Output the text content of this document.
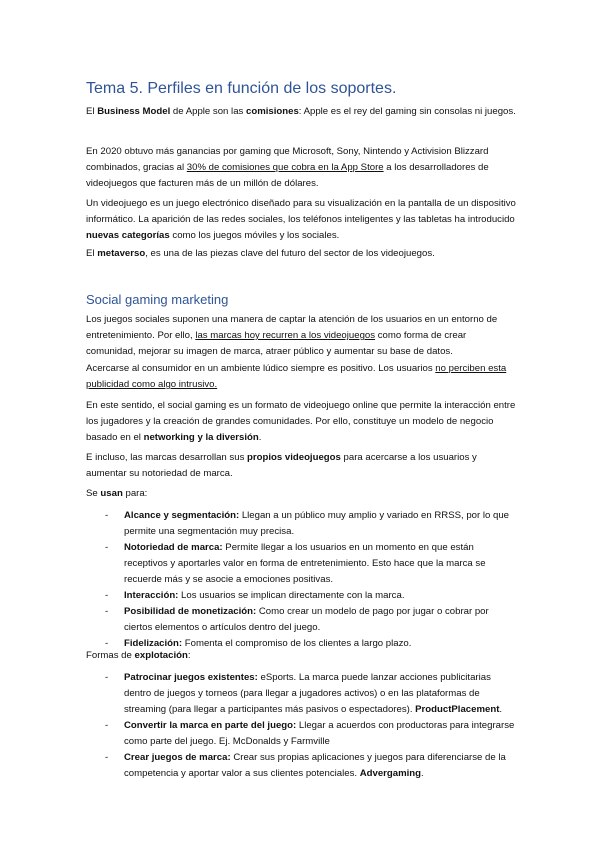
Tema 5. Perfiles en función de los soportes.

El Business Model de Apple son las comisiones: Apple es el rey del gaming sin consolas ni juegos.

En 2020 obtuvo más ganancias por gaming que Microsoft, Sony, Nintendo y Activision Blizzard combinados, gracias al 30% de comisiones que cobra en la App Store a los desarrolladores de videojuegos que facturen más de un millón de dólares.

Un videojuego es un juego electrónico diseñado para su visualización en la pantalla de un dispositivo informático. La aparición de las redes sociales, los teléfonos inteligentes y las tabletas ha introducido nuevas categorías como los juegos móviles y los sociales.

El metaverso, es una de las piezas clave del futuro del sector de los videojuegos.

Social gaming marketing

Los juegos sociales suponen una manera de captar la atención de los usuarios en un entorno de entretenimiento. Por ello, las marcas hoy recurren a los videojuegos como forma de crear comunidad, mejorar su imagen de marca, atraer público y aumentar su base de datos.

Acercarse al consumidor en un ambiente lúdico siempre es positivo. Los usuarios no perciben esta publicidad como algo intrusivo.

En este sentido, el social gaming es un formato de videojuego online que permite la interacción entre los jugadores y la creación de grandes comunidades. Por ello, constituye un modelo de negocio basado en el networking y la diversión.

E incluso, las marcas desarrollan sus propios videojuegos para acercarse a los usuarios y aumentar su notoriedad de marca.

Se usan para:

- Alcance y segmentación: Llegan a un público muy amplio y variado en RRSS, por lo que permite una segmentación muy precisa.
- Notoriedad de marca: Permite llegar a los usuarios en un momento en que están receptivos y aportarles valor en forma de entretenimiento. Esto hace que la marca se recuerde más y se asocie a emociones positivas.
- Interacción: Los usuarios se implican directamente con la marca.
- Posibilidad de monetización: Como crear un modelo de pago por jugar o cobrar por ciertos elementos o artículos dentro del juego.
- Fidelización: Fomenta el compromiso de los clientes a largo plazo.

Formas de explotación:

- Patrocinar juegos existentes: eSports. La marca puede lanzar acciones publicitarias dentro de juegos y torneos (para llegar a jugadores activos) o en las plataformas de streaming (para llegar a participantes más pasivos o espectadores). ProductPlacement.
- Convertir la marca en parte del juego: Llegar a acuerdos con productoras para integrarse como parte del juego. Ej. McDonalds y Farmville
- Crear juegos de marca: Crear sus propias aplicaciones y juegos para diferenciarse de la competencia y aportar valor a sus clientes potenciales. Advergaming.
